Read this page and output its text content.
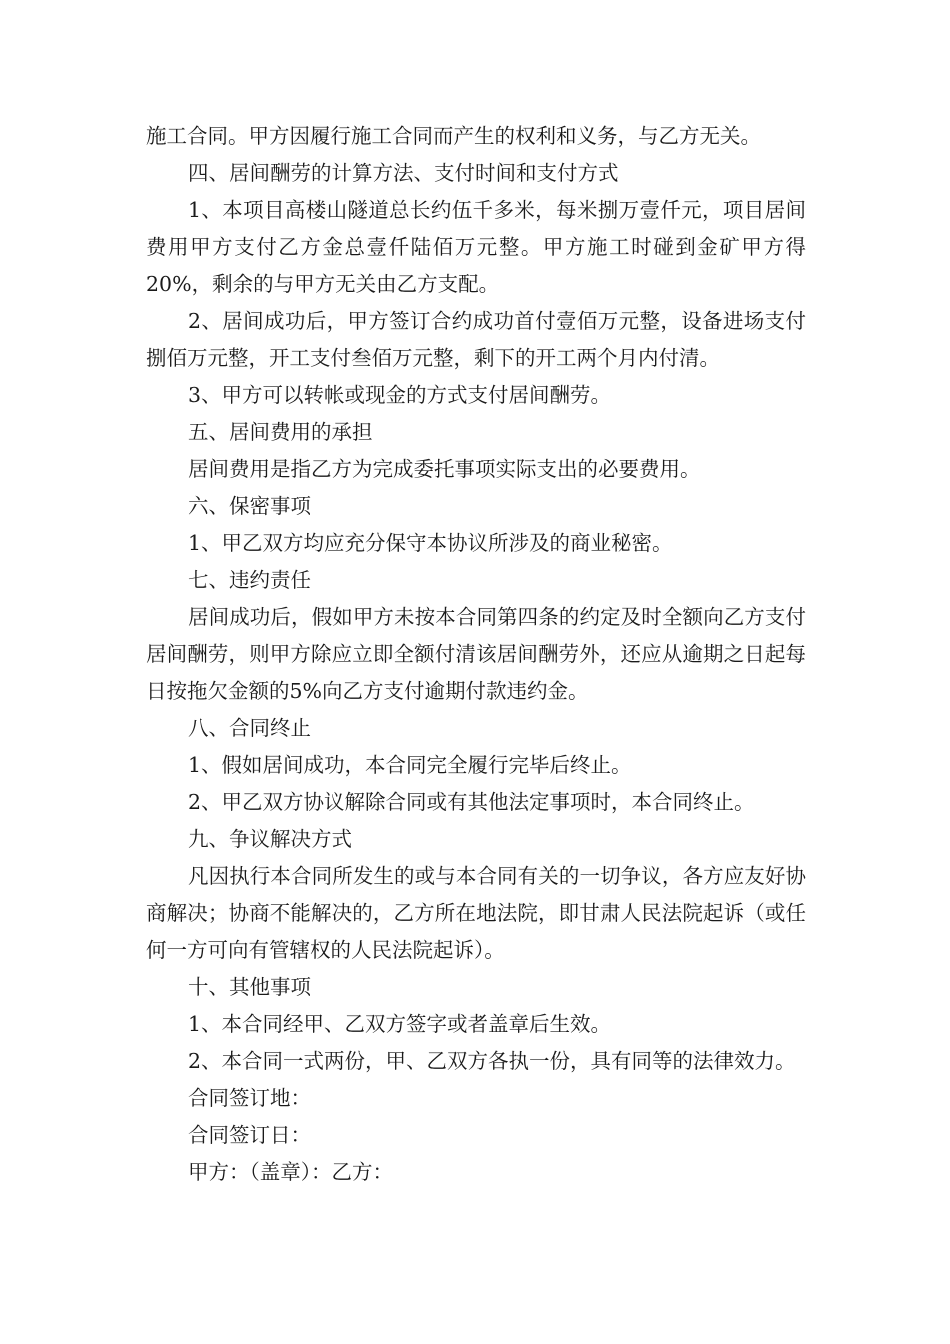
施工合同。甲方因履行施工合同而产生的权利和义务，与乙方无关。

四、居间酬劳的计算方法、支付时间和支付方式

1、本项目高楼山隧道总长约伍千多米，每米捌万壹仟元，项目居间费用甲方支付乙方金总壹仟陆佰万元整。甲方施工时碰到金矿甲方得20%，剩余的与甲方无关由乙方支配。

2、居间成功后，甲方签订合约成功首付壹佰万元整，设备进场支付捌佰万元整，开工支付叁佰万元整，剩下的开工两个月内付清。

3、甲方可以转帐或现金的方式支付居间酬劳。

五、居间费用的承担

居间费用是指乙方为完成委托事项实际支出的必要费用。

六、保密事项

1、甲乙双方均应充分保守本协议所涉及的商业秘密。

七、违约责任

居间成功后，假如甲方未按本合同第四条的约定及时全额向乙方支付居间酬劳，则甲方除应立即全额付清该居间酬劳外，还应从逾期之日起每日按拖欠金额的5%向乙方支付逾期付款违约金。

八、合同终止

1、假如居间成功，本合同完全履行完毕后终止。

2、甲乙双方协议解除合同或有其他法定事项时，本合同终止。

九、争议解决方式

凡因执行本合同所发生的或与本合同有关的一切争议，各方应友好协商解决；协商不能解决的，乙方所在地法院，即甘肃人民法院起诉（或任何一方可向有管辖权的人民法院起诉）。

十、其他事项

1、本合同经甲、乙双方签字或者盖章后生效。

2、本合同一式两份，甲、乙双方各执一份，具有同等的法律效力。

合同签订地：

合同签订日：

甲方：（盖章）：乙方：
